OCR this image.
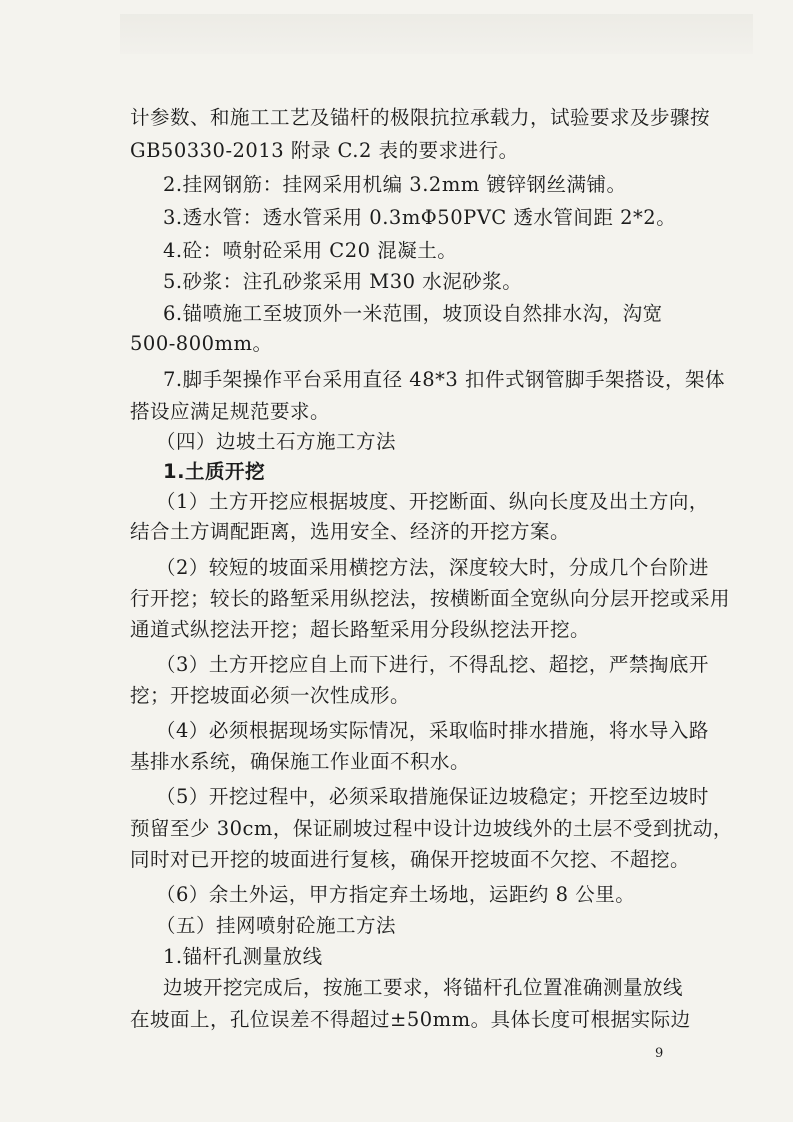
计参数、和施工工艺及锚杆的极限抗拉承载力，试验要求及步骤按
GB50330-2013 附录 C.2 表的要求进行。
2.挂网钢筋：挂网采用机编 3.2mm 镀锌钢丝满铺。
3.透水管：透水管采用 0.3mΦ50PVC 透水管间距 2*2。
4.砼：喷射砼采用 C20 混凝土。
5.砂浆：注孔砂浆采用 M30 水泥砂浆。
6.锚喷施工至坡顶外一米范围，坡顶设自然排水沟，沟宽
500-800mm。
7.脚手架操作平台采用直径 48*3 扣件式钢管脚手架搭设，架体
搭设应满足规范要求。
（四）边坡土石方施工方法
1.土质开挖
（1）土方开挖应根据坡度、开挖断面、纵向长度及出土方向，
结合土方调配距离，选用安全、经济的开挖方案。
（2）较短的坡面采用横挖方法，深度较大时，分成几个台阶进
行开挖；较长的路堑采用纵挖法，按横断面全宽纵向分层开挖或采用
通道式纵挖法开挖；超长路堑采用分段纵挖法开挖。
（3）土方开挖应自上而下进行，不得乱挖、超挖，严禁掏底开
挖；开挖坡面必须一次性成形。
（4）必须根据现场实际情况，采取临时排水措施，将水导入路
基排水系统，确保施工作业面不积水。
（5）开挖过程中，必须采取措施保证边坡稳定；开挖至边坡时
预留至少 30cm，保证刷坡过程中设计边坡线外的土层不受到扰动，
同时对已开挖的坡面进行复核，确保开挖坡面不欠挖、不超挖。
（6）余土外运，甲方指定弃土场地，运距约 8 公里。
（五）挂网喷射砼施工方法
1.锚杆孔测量放线
边坡开挖完成后，按施工要求，将锚杆孔位置准确测量放线
在坡面上，孔位误差不得超过±50mm。具体长度可根据实际边
9
